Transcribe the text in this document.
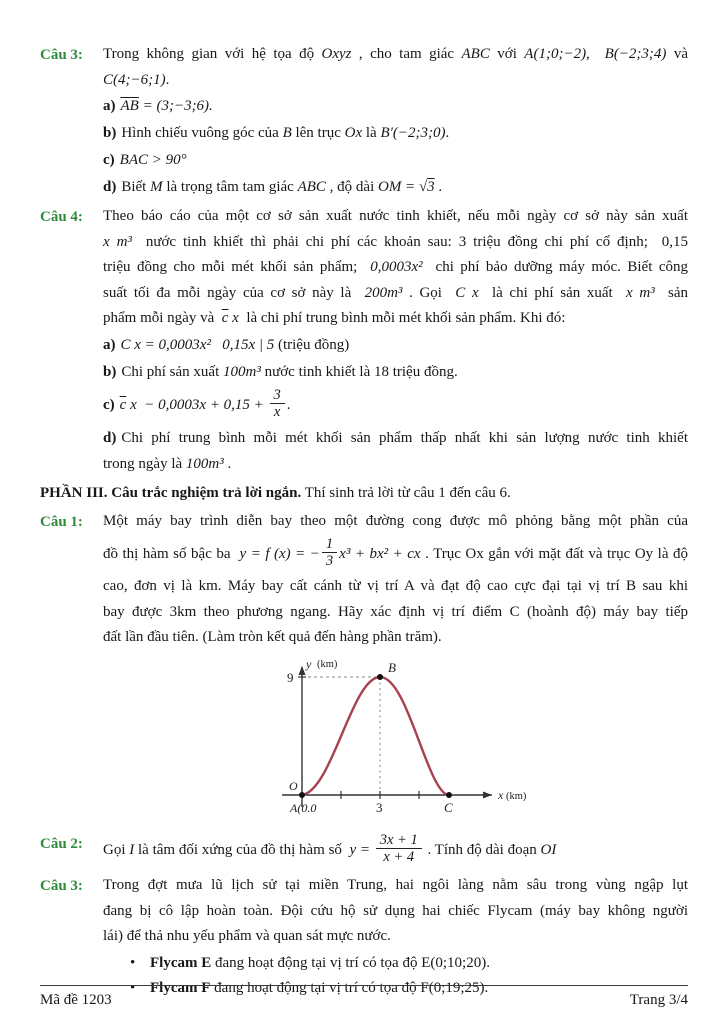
Câu 3:	Trong không gian với hệ tọa độ Oxyz , cho tam giác ABC với A(1;0;−2),  B(−2;3;4) và
C(4;−6;1).
a) $\overline{AB}$ = (3;−3;6).
b) Hình chiếu vuông góc của B lên trục Ox là B′(−2;3;0).
c) BAC > 90°
d) Biết M là trọng tâm tam giác ABC , độ dài OM = √3 .
Câu 4:	Theo báo cáo của một cơ sở sản xuất nước tinh khiết, nếu mỗi ngày cơ sở này sản xuất
x m³  nước tinh khiết thì phải chi phí các khoản sau: 3 triệu đồng chi phí cố định;  0,15
triệu đồng cho mỗi mét khối sản phẩm;  0,0003x²  chi phí bảo dưỡng máy móc. Biết công
suất tối đa mỗi ngày của cơ sở này là  200m³ . Gọi  C x  là chi phí sản xuất  x m³  sản
phẩm mỗi ngày và  $\overline{c}$ x  là chi phí trung bình mỗi mét khối sản phẩm. Khi đó:
a) C x = 0,0003x²   0,15x | 5 (triệu đồng)
b) Chi phí sản xuất 100m³ nước tinh khiết là 18 triệu đồng.
c) $\overline{c}$ $x - 0,0003x + 0,15 + \frac{3}{x}$ .
d) Chi phí trung bình mỗi mét khối sản phẩm thấp nhất khi sản lượng nước tinh khiết
trong ngày là 100m³ .
PHẦN III. Câu trắc nghiệm trả lời ngắn. Thí sinh trả lời từ câu 1 đến câu 6.
Câu 1:	Một máy bay trình diễn bay theo một đường cong được mô phỏng bằng một phần của
đồ thị hàm số bậc ba  y = f (x) = − $\frac{1}{3} x^3 + bx^2$ + cx . Trục Ox gắn với mặt đất và trục Oy là độ
cao, đơn vị là km. Máy bay cất cánh từ vị trí A và đạt độ cao cực đại tại vị trí B sau khi
bay được 3km theo phương ngang. Hãy xác định vị trí điểm C (hoành độ) máy bay tiếp
đất lần đầu tiên. (Làm tròn kết quả đến hàng phần trăm).
y (km)
9
x (km)
O
A(0.0
B
3	C
Câu 2:	Gọi I là tâm đối xứng của đồ thị hàm số  $y = \frac{3x + 1}{x + 4}$ . Tính độ dài đoạn OI
Câu 3:	Trong đợt mưa lũ lịch sử tại miền Trung, hai ngôi làng nằm sâu trong vùng ngập lụt
đang bị cô lập hoàn toàn. Đội cứu hộ sử dụng hai chiếc Flycam (máy bay không người
lái) để thả nhu yếu phẩm và quan sát mực nước.
• Flycam E đang hoạt động tại vị trí có tọa độ E(0;10;20).
• Flycam F đang hoạt động tại vị trí có tọa độ F(0;19;25).
Mã đề 1203	Trang 3/4
